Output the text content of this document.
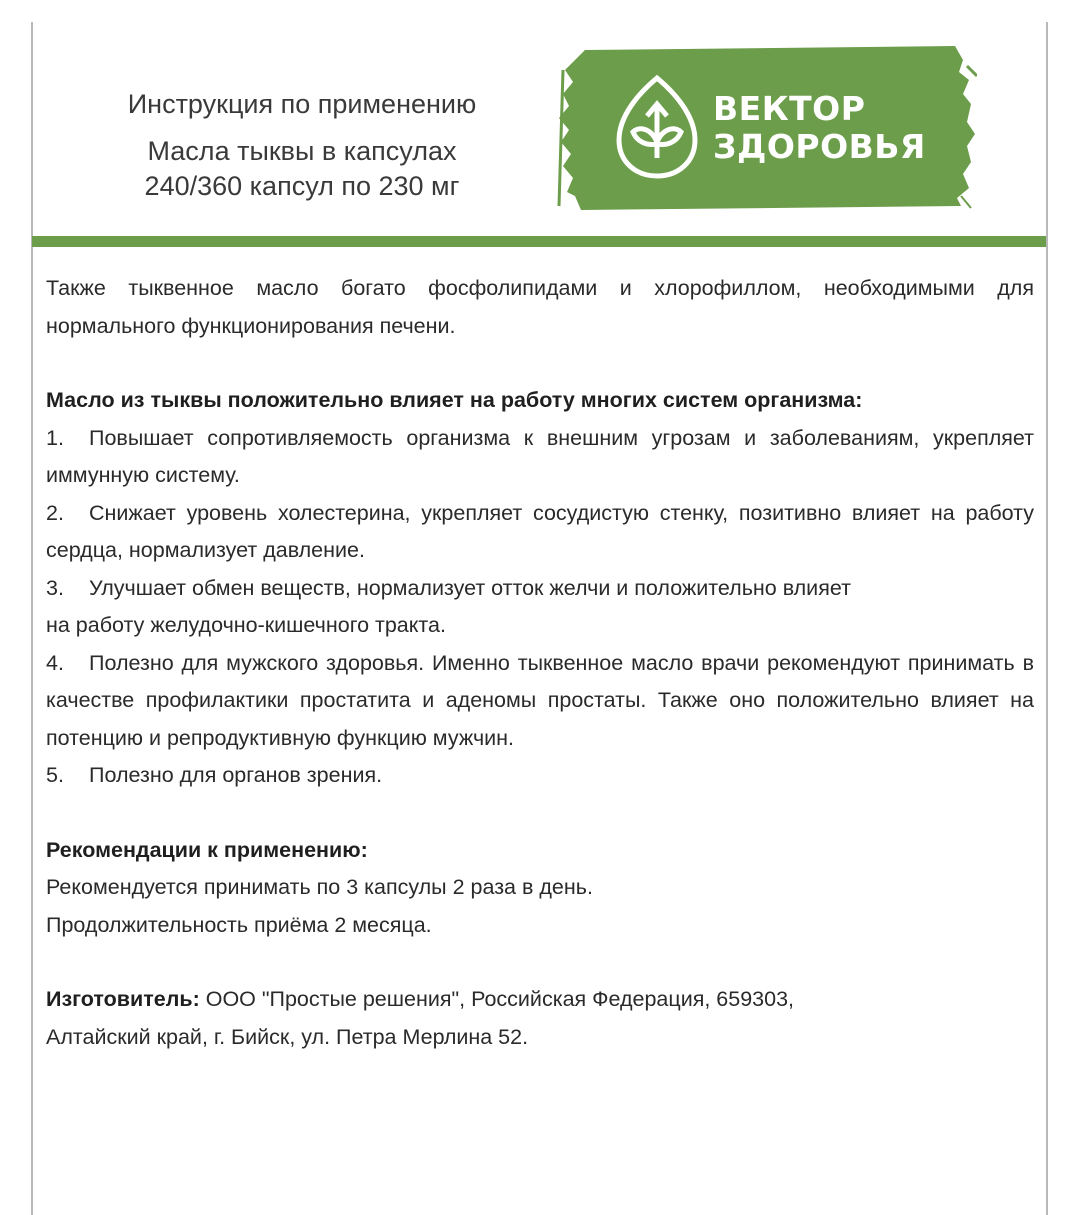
Инструкция по применению
Масла тыквы в капсулах
240/360 капсул по 230 мг
ВЕКТОР
ЗДОРОВЬЯ
Также тыквенное масло богато фосфолипидами и хлорофиллом, необходимыми для нормального функционирования печени.
Масло из тыквы положительно влияет на работу многих систем организма:
1. Повышает сопротивляемость организма к внешним угрозам и заболеваниям, укрепляет иммунную систему.
2. Снижает уровень холестерина, укрепляет сосудистую стенку, позитивно влияет на работу сердца, нормализует давление.
3. Улучшает обмен веществ, нормализует отток желчи и положительно влияет
на работу желудочно-кишечного тракта.
4. Полезно для мужского здоровья. Именно тыквенное масло врачи рекомендуют принимать в качестве профилактики простатита и аденомы простаты. Также оно положительно влияет на потенцию и репродуктивную функцию мужчин.
5. Полезно для органов зрения.
Рекомендации к применению:
Рекомендуется принимать по 3 капсулы 2 раза в день.
Продолжительность приёма 2 месяца.
Изготовитель: ООО "Простые решения", Российская Федерация, 659303,
Алтайский край, г. Бийск, ул. Петра Мерлина 52.
